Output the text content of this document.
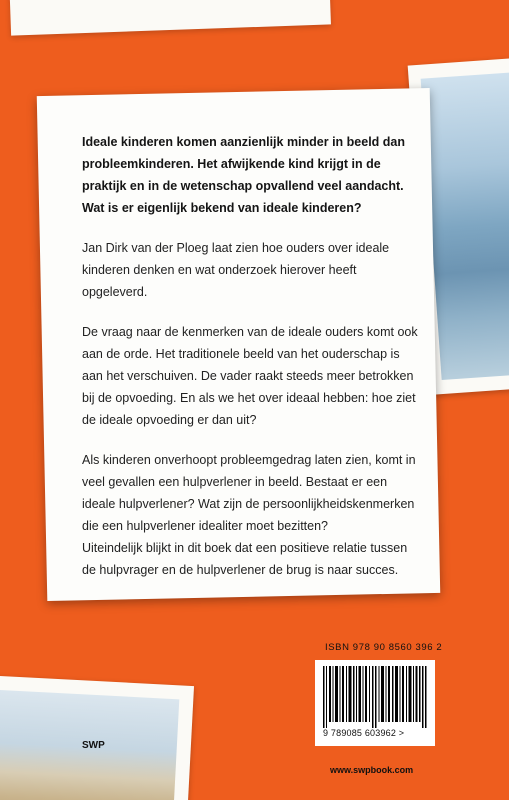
Ideale kinderen komen aanzienlijk minder in beeld dan probleemkinderen. Het afwijkende kind krijgt in de praktijk en in de wetenschap opvallend veel aandacht. Wat is er eigenlijk bekend van ideale kinderen?

Jan Dirk van der Ploeg laat zien hoe ouders over ideale kinderen denken en wat onderzoek hierover heeft opgeleverd.

De vraag naar de kenmerken van de ideale ouders komt ook aan de orde. Het traditionele beeld van het ouderschap is aan het verschuiven. De vader raakt steeds meer betrokken bij de opvoeding. En als we het over ideaal hebben: hoe ziet de ideale opvoeding er dan uit?

Als kinderen onverhoopt probleemgedrag laten zien, komt in veel gevallen een hulpverlener in beeld. Bestaat er een ideale hulpverlener? Wat zijn de persoonlijkheidskenmerken die een hulpverlener idealiter moet bezitten?

Uiteindelijk blijkt in dit boek dat een positieve relatie tussen de hulpvrager en de hulpverlener de brug is naar succes.

ISBN 978 90 8560 396 2
9 789085 603962 >
SWP
www.swpbook.com
